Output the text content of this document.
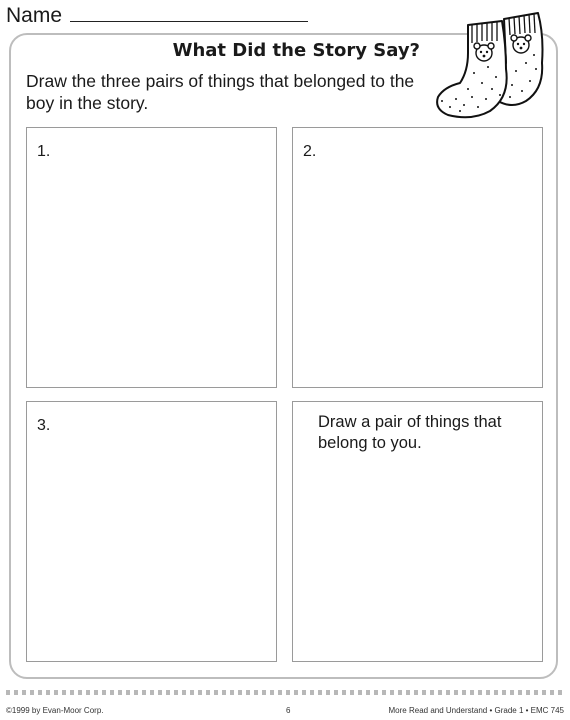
Name
What Did the Story Say?
Draw the three pairs of things that belonged to the boy in the story.
1.	2.
3.	Draw a pair of things that belong to you.
©1999 by Evan-Moor Corp.	6	More Read and Understand • Grade 1 • EMC 745
